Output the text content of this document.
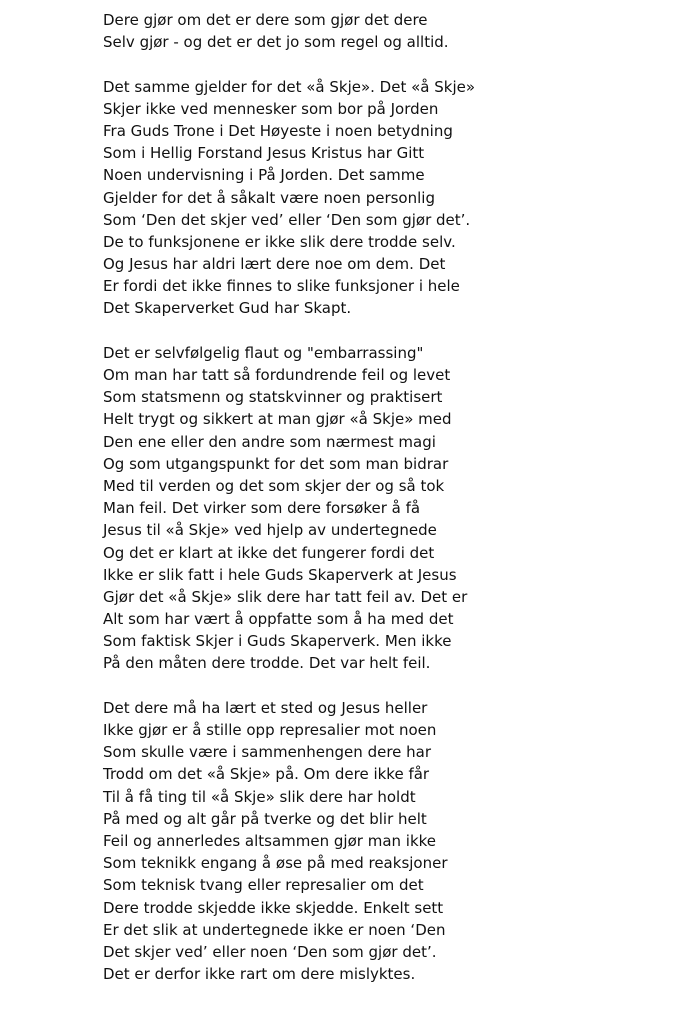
Dere gjør om det er dere som gjør det dere
Selv gjør - og det er det jo som regel og alltid.
Det samme gjelder for det «å Skje». Det «å Skje»
Skjer ikke ved mennesker som bor på Jorden
Fra Guds Trone i Det Høyeste i noen betydning
Som i Hellig Forstand Jesus Kristus har Gitt
Noen undervisning i På Jorden. Det samme
Gjelder for det å såkalt være noen personlig
Som ‘Den det skjer ved’ eller ‘Den som gjør det’.
De to funksjonene er ikke slik dere trodde selv.
Og Jesus har aldri lært dere noe om dem. Det
Er fordi det ikke finnes to slike funksjoner i hele
Det Skaperverket Gud har Skapt.
Det er selvfølgelig flaut og "embarrassing"
Om man har tatt så fordundrende feil og levet
Som statsmenn og statskvinner og praktisert
Helt trygt og sikkert at man gjør «å Skje» med
Den ene eller den andre som nærmest magi
Og som utgangspunkt for det som man bidrar
Med til verden og det som skjer der og så tok
Man feil. Det virker som dere forsøker å få
Jesus til «å Skje» ved hjelp av undertegnede
Og det er klart at ikke det fungerer fordi det
Ikke er slik fatt i hele Guds Skaperverk at Jesus
Gjør det «å Skje» slik dere har tatt feil av. Det er
Alt som har vært å oppfatte som å ha med det
Som faktisk Skjer i Guds Skaperverk. Men ikke
På den måten dere trodde. Det var helt feil.
Det dere må ha lært et sted og Jesus heller
Ikke gjør er å stille opp represalier mot noen
Som skulle være i sammenhengen dere har
Trodd om det «å Skje» på. Om dere ikke får
Til å få ting til «å Skje» slik dere har holdt
På med og alt går på tverke og det blir helt
Feil og annerledes altsammen gjør man ikke
Som teknikk engang å øse på med reaksjoner
Som teknisk tvang eller represalier om det
Dere trodde skjedde ikke skjedde. Enkelt sett
Er det slik at undertegnede ikke er noen ‘Den
Det skjer ved’ eller noen ‘Den som gjør det’.
Det er derfor ikke rart om dere mislyktes.
